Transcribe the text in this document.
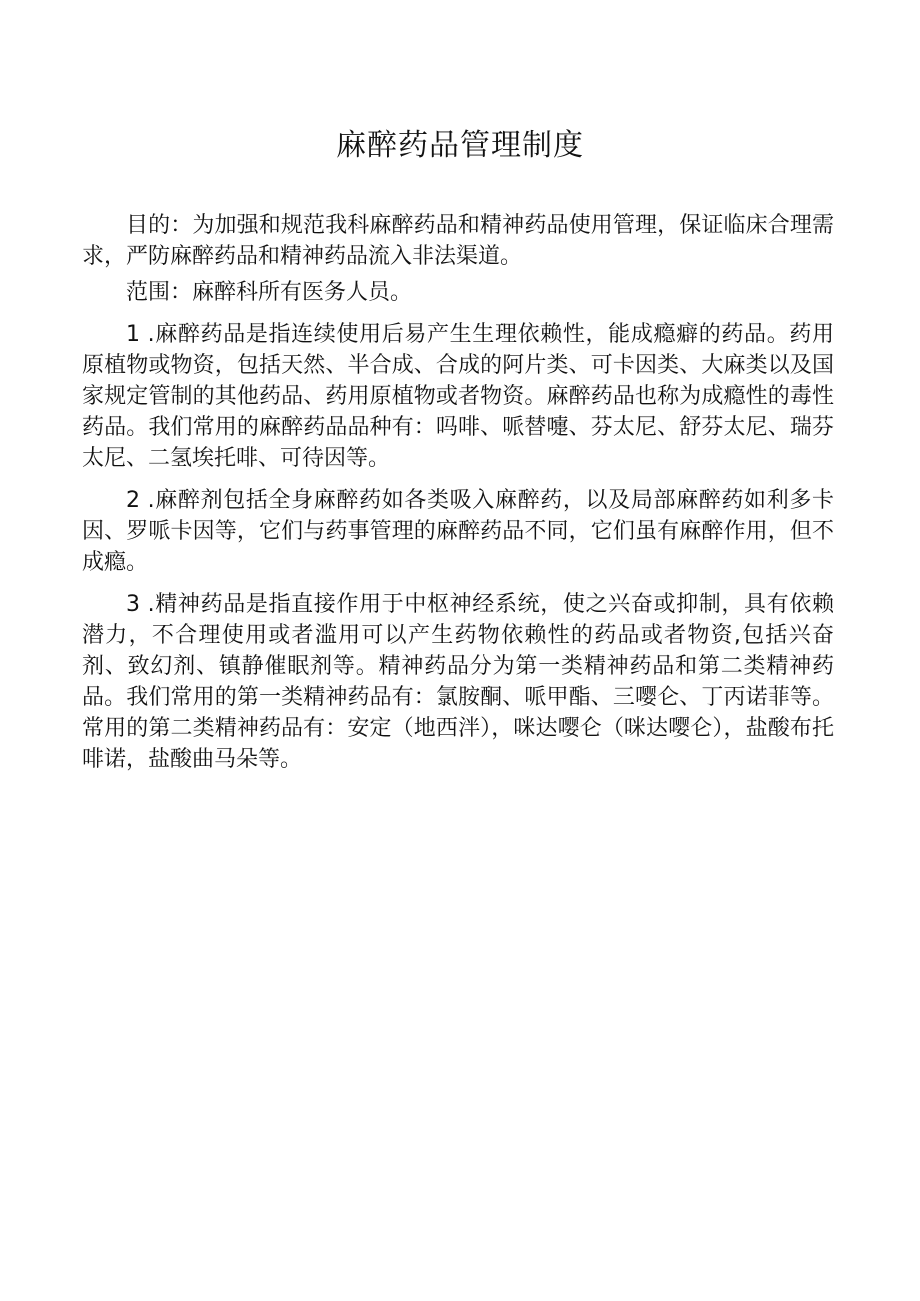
麻醉药品管理制度

目的：为加强和规范我科麻醉药品和精神药品使用管理，保证临床合理需求，严防麻醉药品和精神药品流入非法渠道。

范围：麻醉科所有医务人员。

1 .麻醉药品是指连续使用后易产生生理依赖性，能成瘾癖的药品。药用原植物或物资，包括天然、半合成、合成的阿片类、可卡因类、大麻类以及国家规定管制的其他药品、药用原植物或者物资。麻醉药品也称为成瘾性的毒性药品。我们常用的麻醉药品品种有：吗啡、哌替嚏、芬太尼、舒芬太尼、瑞芬太尼、二氢埃托啡、可待因等。

2 .麻醉剂包括全身麻醉药如各类吸入麻醉药，以及局部麻醉药如利多卡因、罗哌卡因等，它们与药事管理的麻醉药品不同，它们虽有麻醉作用，但不成瘾。

3 .精神药品是指直接作用于中枢神经系统，使之兴奋或抑制，具有依赖潜力，不合理使用或者滥用可以产生药物依赖性的药品或者物资,包括兴奋剂、致幻剂、镇静催眠剂等。精神药品分为第一类精神药品和第二类精神药品。我们常用的第一类精神药品有：氯胺酮、哌甲酯、三嘤仑、丁丙诺菲等。常用的第二类精神药品有：安定（地西泮），咪达嘤仑（咪达嘤仑），盐酸布托啡诺，盐酸曲马朵等。
